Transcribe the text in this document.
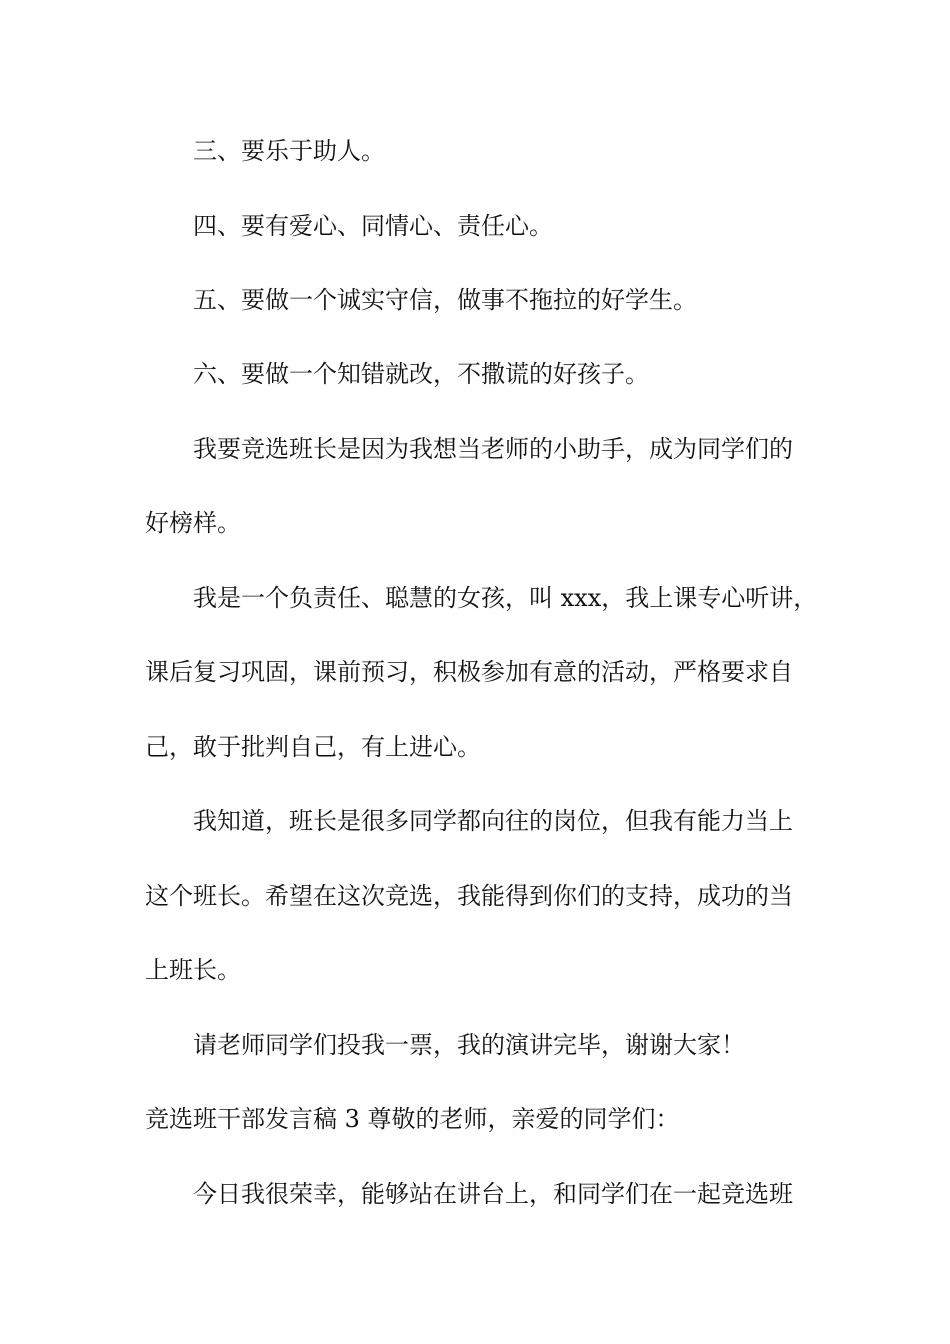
三、要乐于助人。
四、要有爱心、同情心、责任心。
五、要做一个诚实守信，做事不拖拉的好学生。
六、要做一个知错就改，不撒谎的好孩子。
我要竞选班长是因为我想当老师的小助手，成为同学们的
好榜样。
我是一个负责任、聪慧的女孩，叫 xxx，我上课专心听讲，
课后复习巩固，课前预习，积极参加有意的活动，严格要求自
己，敢于批判自己，有上进心。
我知道，班长是很多同学都向往的岗位，但我有能力当上
这个班长。希望在这次竞选，我能得到你们的支持，成功的当
上班长。
请老师同学们投我一票，我的演讲完毕，谢谢大家！
竞选班干部发言稿 3 尊敬的老师，亲爱的同学们：
今日我很荣幸，能够站在讲台上，和同学们在一起竞选班
